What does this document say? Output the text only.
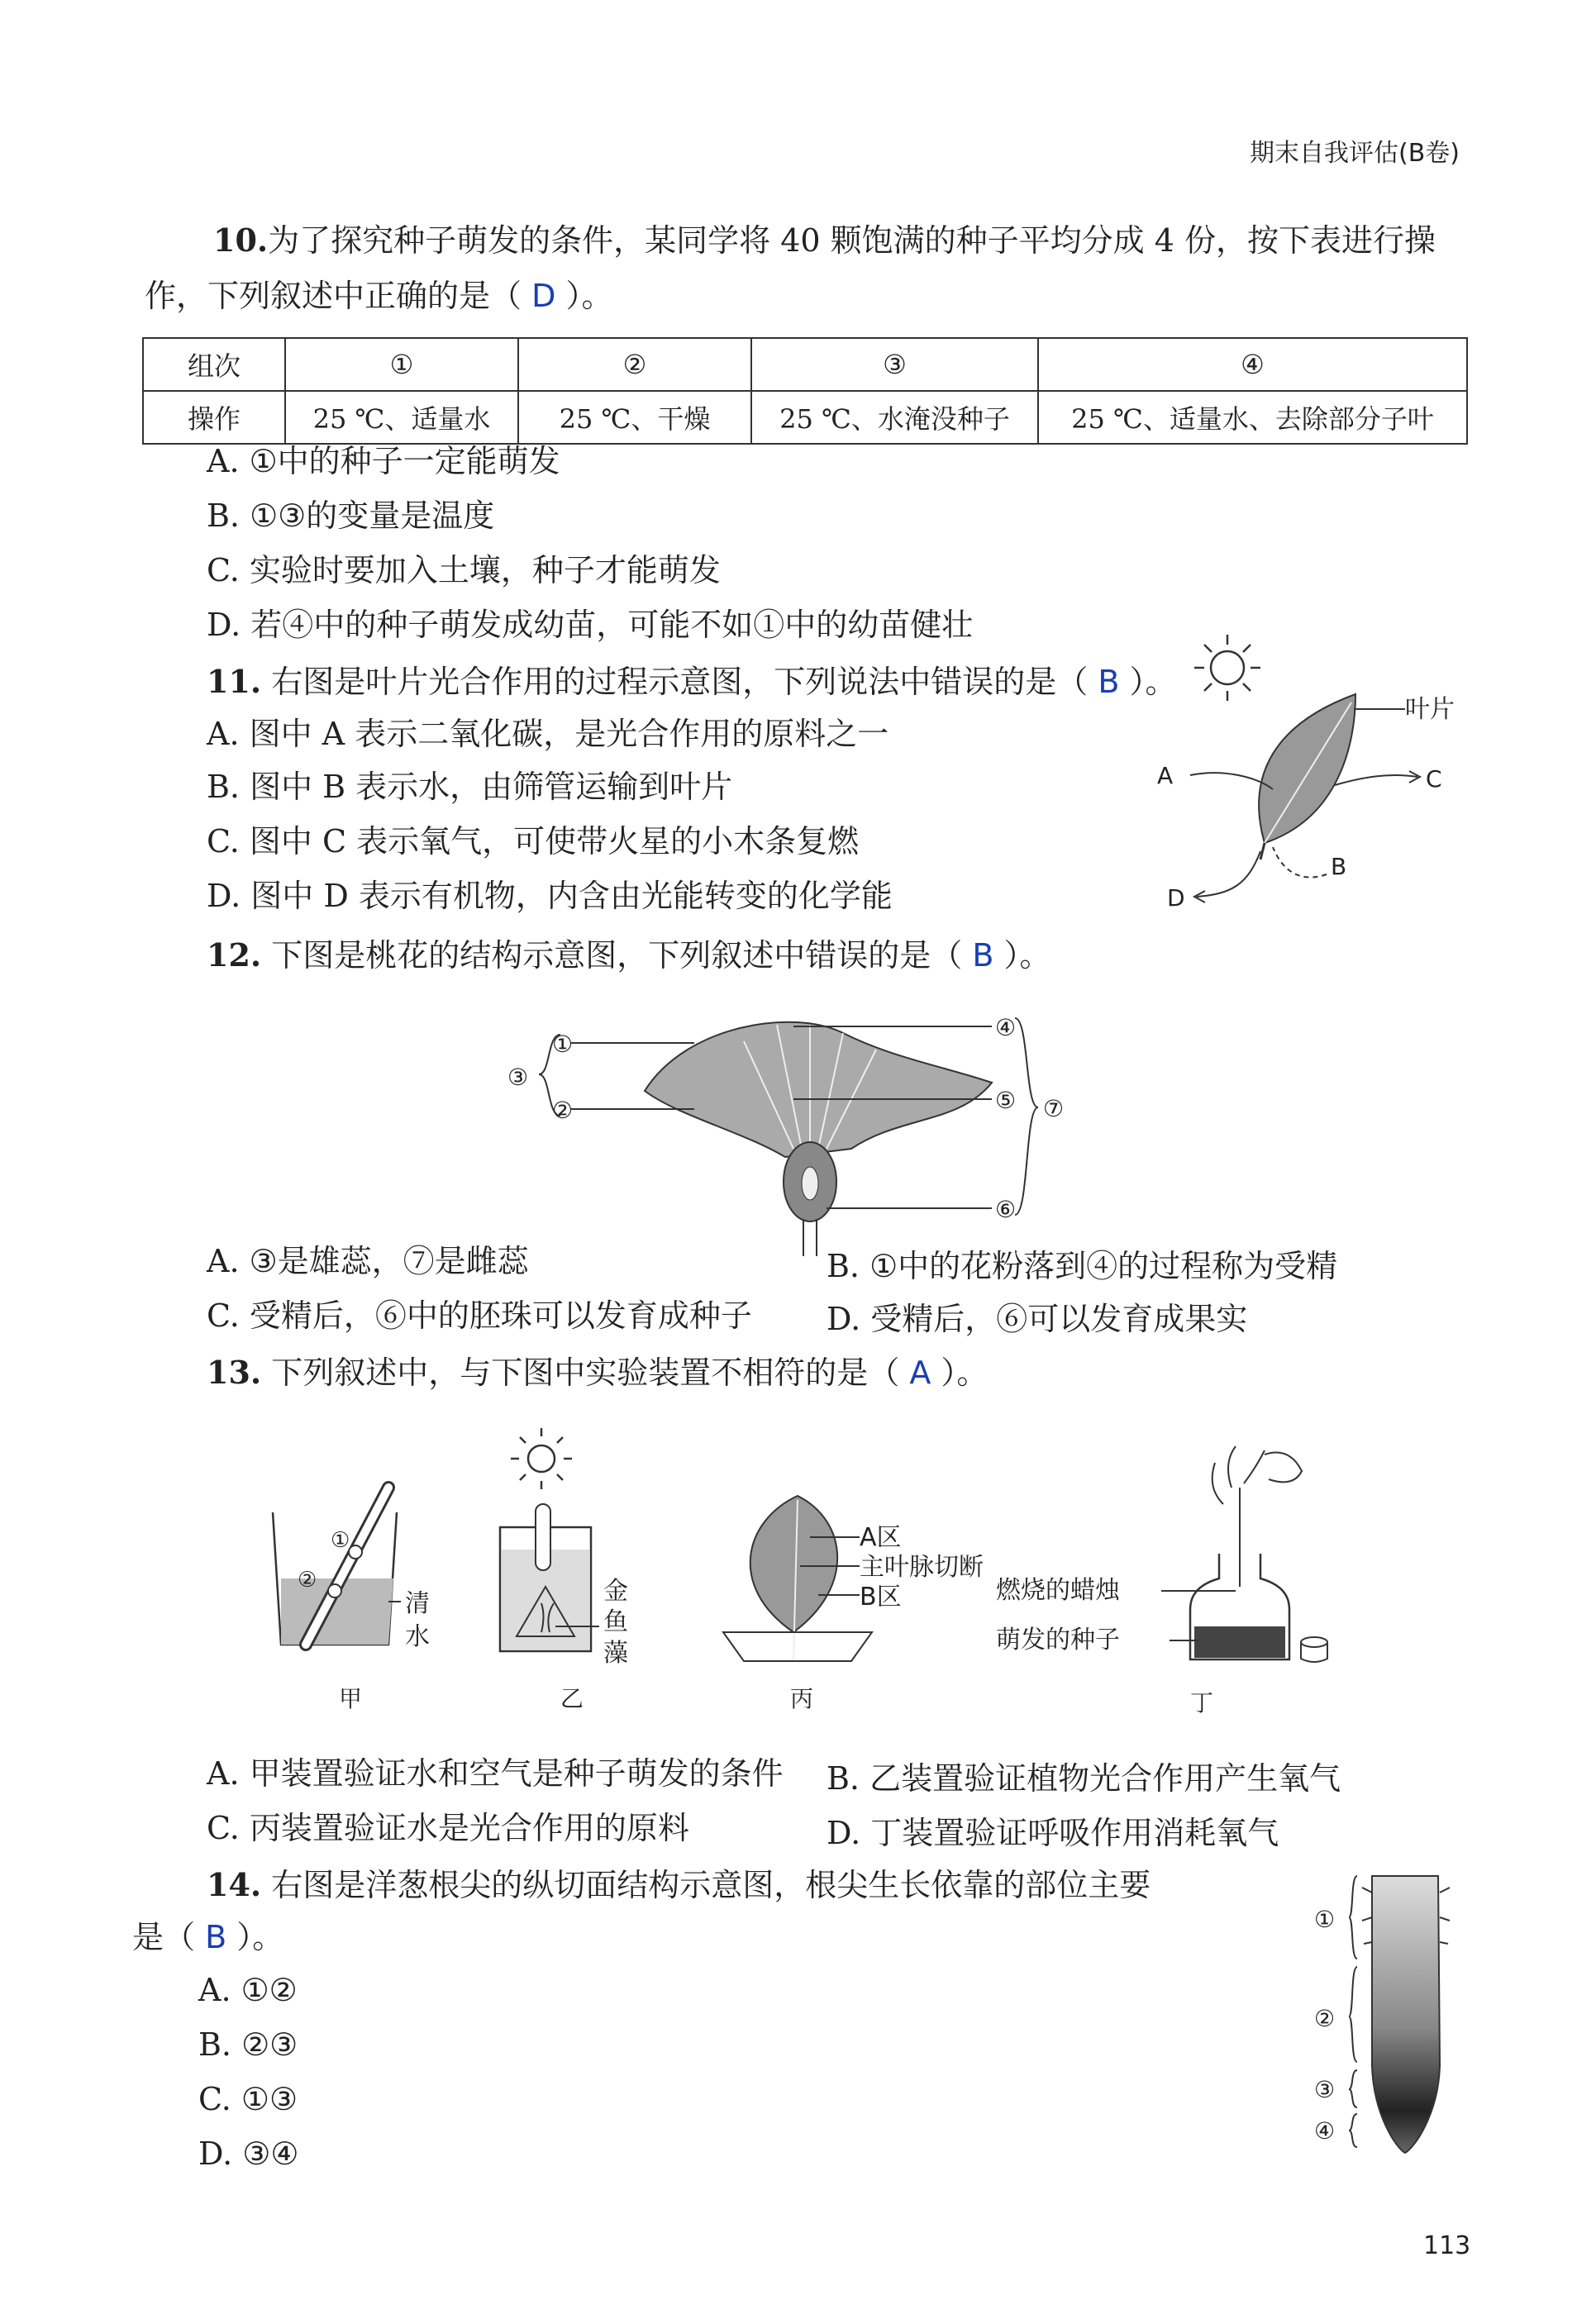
期末自我评估(B卷)
10.为了探究种子萌发的条件，某同学将 40 颗饱满的种子平均分成 4 份，按下表进行操
作，下列叙述中正确的是（ D ）。
组次	①	②	③	④
操作	25 ℃、适量水	25 ℃、干燥	25 ℃、水淹没种子	25 ℃、适量水、去除部分子叶
A. ①中的种子一定能萌发
B. ①③的变量是温度
C. 实验时要加入土壤，种子才能萌发
D. 若④中的种子萌发成幼苗，可能不如①中的幼苗健壮
11. 右图是叶片光合作用的过程示意图，下列说法中错误的是（ B ）。
A. 图中 A 表示二氧化碳，是光合作用的原料之一
B. 图中 B 表示水，由筛管运输到叶片
C. 图中 C 表示氧气，可使带火星的小木条复燃
D. 图中 D 表示有机物，内含由光能转变的化学能
叶片
A	C
D
B
12. 下图是桃花的结构示意图，下列叙述中错误的是（ B ）。
①
②
③
④
⑤
⑥
⑦
A. ③是雄蕊，⑦是雌蕊	B. ①中的花粉落到④的过程称为受精
C. 受精后，⑥中的胚珠可以发育成种子 D. 受精后，⑥可以发育成果实
13. 下列叙述中，与下图中实验装置不相符的是（ A ）。
①
②
清
水
甲
金
鱼
藻
乙
A区
主叶脉切断
B区
丙
燃烧的蜡烛
萌发的种子
丁
A. 甲装置验证水和空气是种子萌发的条件 B. 乙装置验证植物光合作用产生氧气
C. 丙装置验证水是光合作用的原料	D. 丁装置验证呼吸作用消耗氧气
14. 右图是洋葱根尖的纵切面结构示意图，根尖生长依靠的部位主要
是（ B ）。
A. ①②
B. ②③
C. ①③
D. ③④
①
②
③
④
113
